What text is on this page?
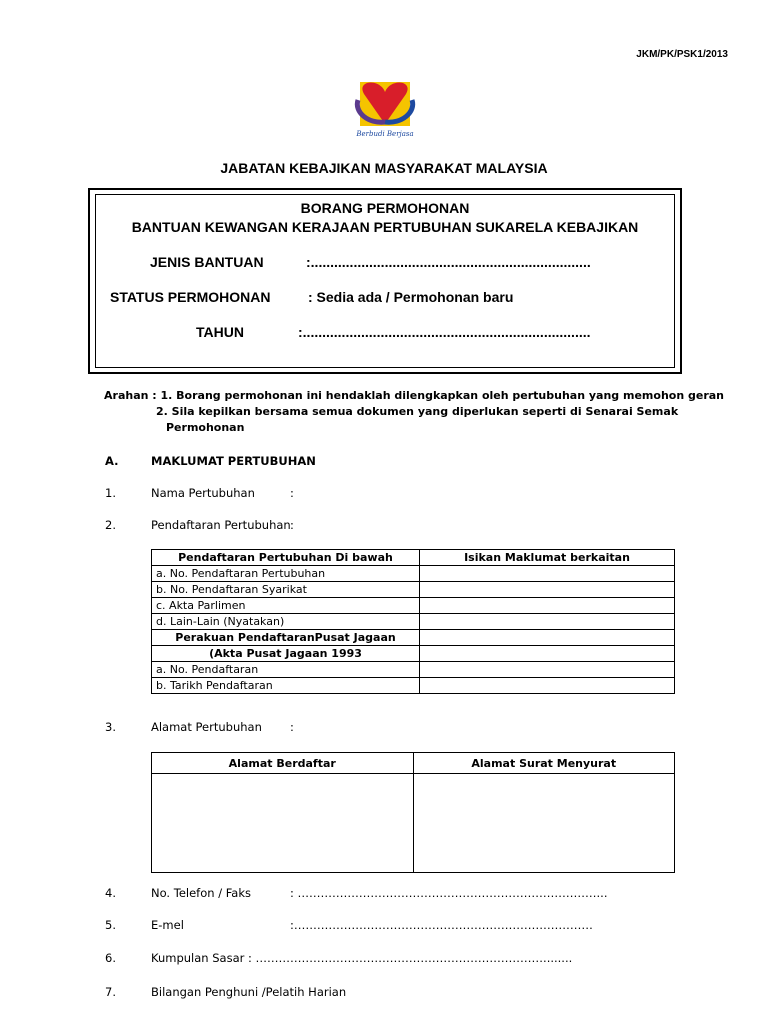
JKM/PK/PSK1/2013
Berbudi Berjasa
JABATAN KEBAJIKAN MASYARAKAT MALAYSIA
BORANG PERMOHONAN
BANTUAN KEWANGAN KERAJAAN PERTUBUHAN SUKARELA KEBAJIKAN
JENIS BANTUAN	:........................................................................
STATUS PERMOHONAN	: Sedia ada / Permohonan baru
TAHUN	:..........................................................................
Arahan : 1. Borang permohonan ini hendaklah dilengkapkan oleh pertubuhan yang memohon geran
2. Sila kepilkan bersama semua dokumen yang diperlukan seperti di Senarai Semak
Permohonan
A.	MAKLUMAT PERTUBUHAN
1.	Nama Pertubuhan	:
2.	Pendaftaran Pertubuhan :
Pendaftaran Pertubuhan Di bawah	Isikan Maklumat berkaitan
a. No. Pendaftaran Pertubuhan	
b. No. Pendaftaran Syarikat	
c. Akta Parlimen	
d. Lain-Lain (Nyatakan)	
Perakuan PendaftaranPusat Jagaan	
(Akta Pusat Jagaan 1993	
a. No. Pendaftaran	
b. Tarikh Pendaftaran	
3.	Alamat Pertubuhan :
Alamat Berdaftar	Alamat Surat Menyurat

4.	No. Telefon / Faks	: ……………………………………………………………………...
5.	E-mel	:……………………………………………………………………
6.	Kumpulan Sasar : …………………………………………………………………........
7.	Bilangan Penghuni /Pelatih Harian
